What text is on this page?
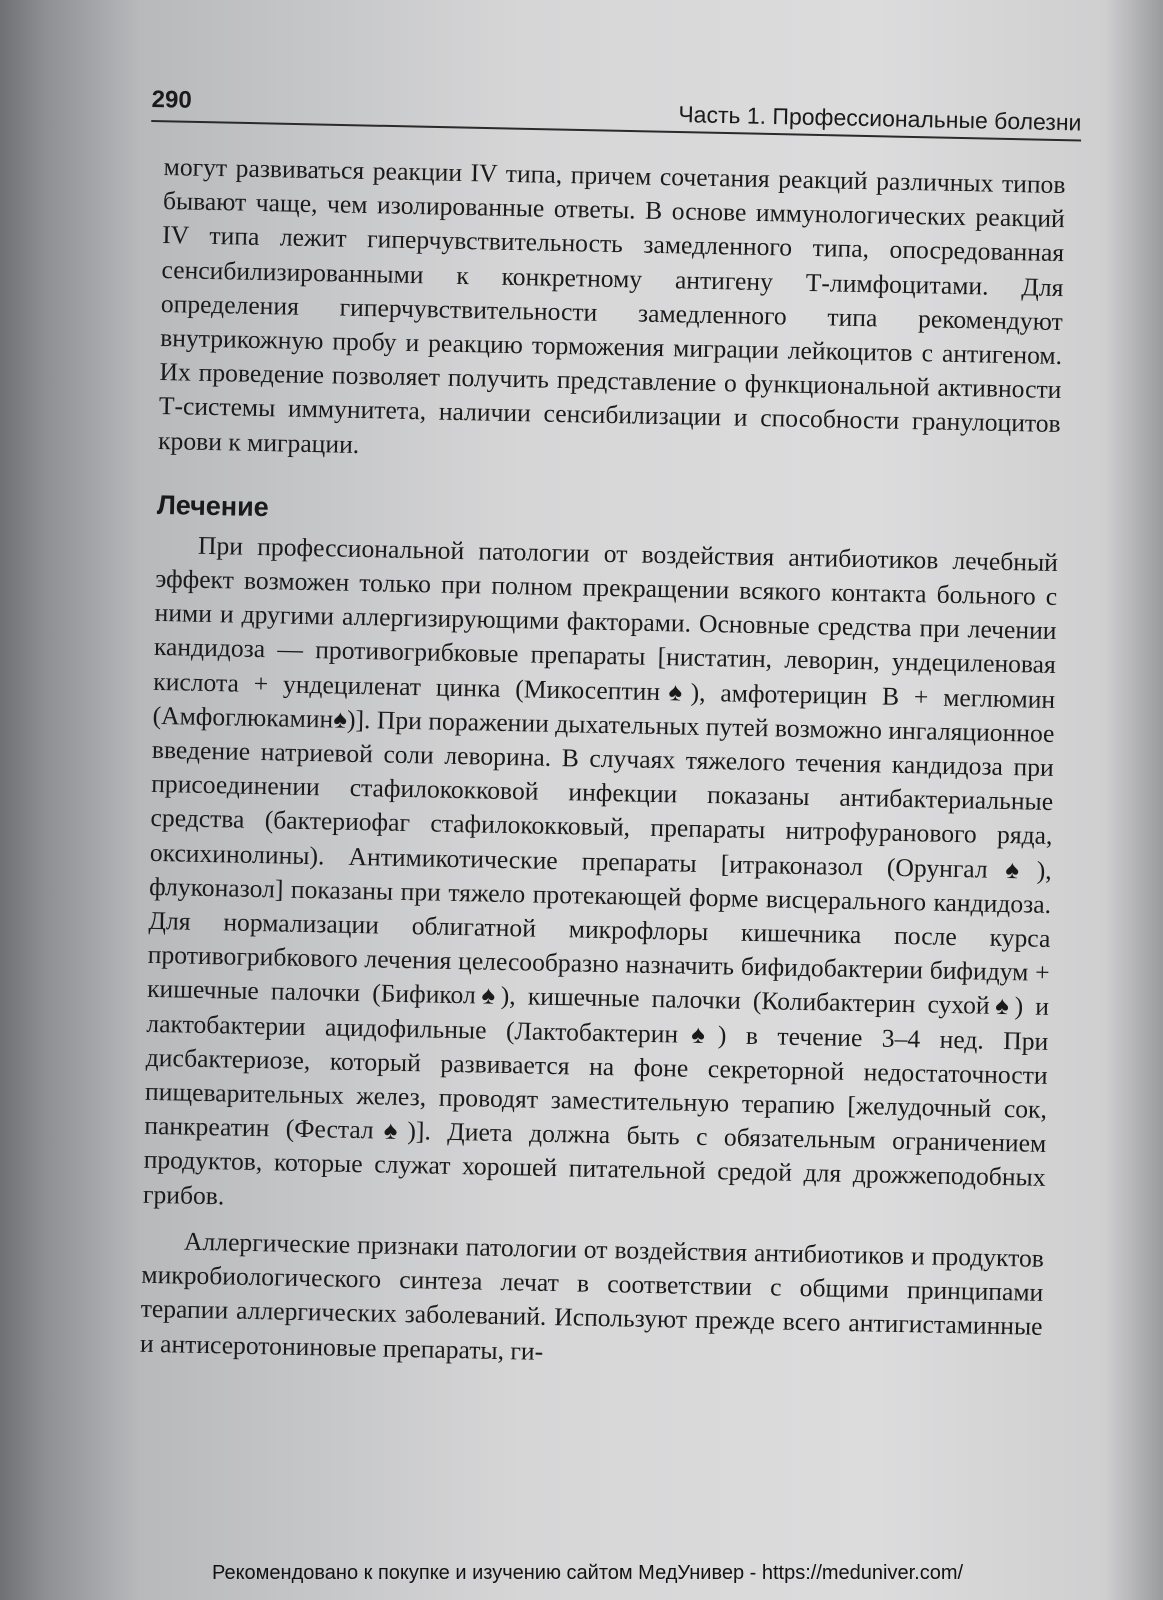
290
Часть 1. Профессиональные болезни

могут развиваться реакции IV типа, причем сочетания реакций различных типов бывают чаще, чем изолированные ответы. В основе иммунологических реакций IV типа лежит гиперчувствительность замедленного типа, опосредованная сенсибилизированными к конкретному антигену Т-лимфоцитами. Для определения гиперчувствительности замедленного типа рекомендуют внутрикожную пробу и реакцию торможения миграции лейкоцитов с антигеном. Их проведение позволяет получить представление о функциональной активности Т-системы иммунитета, наличии сенсибилизации и способности гранулоцитов крови к миграции.

Лечение

При профессиональной патологии от воздействия антибиотиков лечебный эффект возможен только при полном прекращении всякого контакта больного с ними и другими аллергизирующими факторами. Основные средства при лечении кандидоза — противогрибковые препараты [нистатин, леворин, ундециленовая кислота + ундециленат цинка (Микосептин♠), амфотерицин В + меглюмин (Амфоглюкамин♠)]. При поражении дыхательных путей возможно ингаляционное введение натриевой соли леворина. В случаях тяжелого течения кандидоза при присоединении стафилококковой инфекции показаны антибактериальные средства (бактериофаг стафилококковый, препараты нитрофуранового ряда, оксихинолины). Антимикотические препараты [итраконазол (Орунгал♠), флуконазол] показаны при тяжело протекающей форме висцерального кандидоза. Для нормализации облигатной микрофлоры кишечника после курса противогрибкового лечения целесообразно назначить бифидобактерии бифидум + кишечные палочки (Бификол♠), кишечные палочки (Колибактерин сухой♠) и лактобактерии ацидофильные (Лактобактерин♠) в течение 3–4 нед. При дисбактериозе, который развивается на фоне секреторной недостаточности пищеварительных желез, проводят заместительную терапию [желудочный сок, панкреатин (Фестал♠)]. Диета должна быть с обязательным ограничением продуктов, которые служат хорошей питательной средой для дрожжеподобных грибов.

Аллергические признаки патологии от воздействия антибиотиков и продуктов микробиологического синтеза лечат в соответствии с общими принципами терапии аллергических заболеваний. Используют прежде всего антигистаминные и антисеротониновые препараты, ги-

Рекомендовано к покупке и изучению сайтом МедУнивер - https://meduniver.com/
